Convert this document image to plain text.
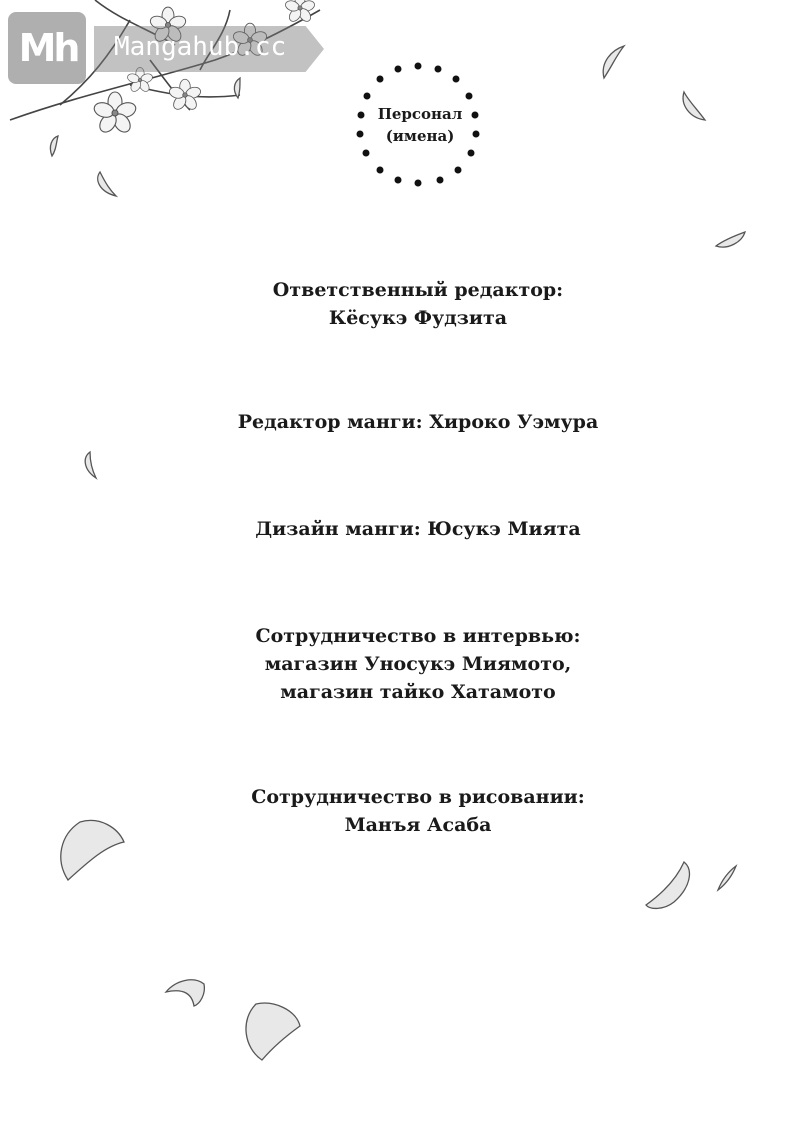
Mh Mangahub.cc
Персонал
(имена)
Ответственный редактор:
Кёсукэ Фудзита
Редактор манги: Хироко Уэмура
Дизайн манги: Юсукэ Мията
Сотрудничество в интервью:
магазин Уносукэ Миямото,
магазин тайко Хатамото
Сотрудничество в рисовании:
Манъя Асаба
